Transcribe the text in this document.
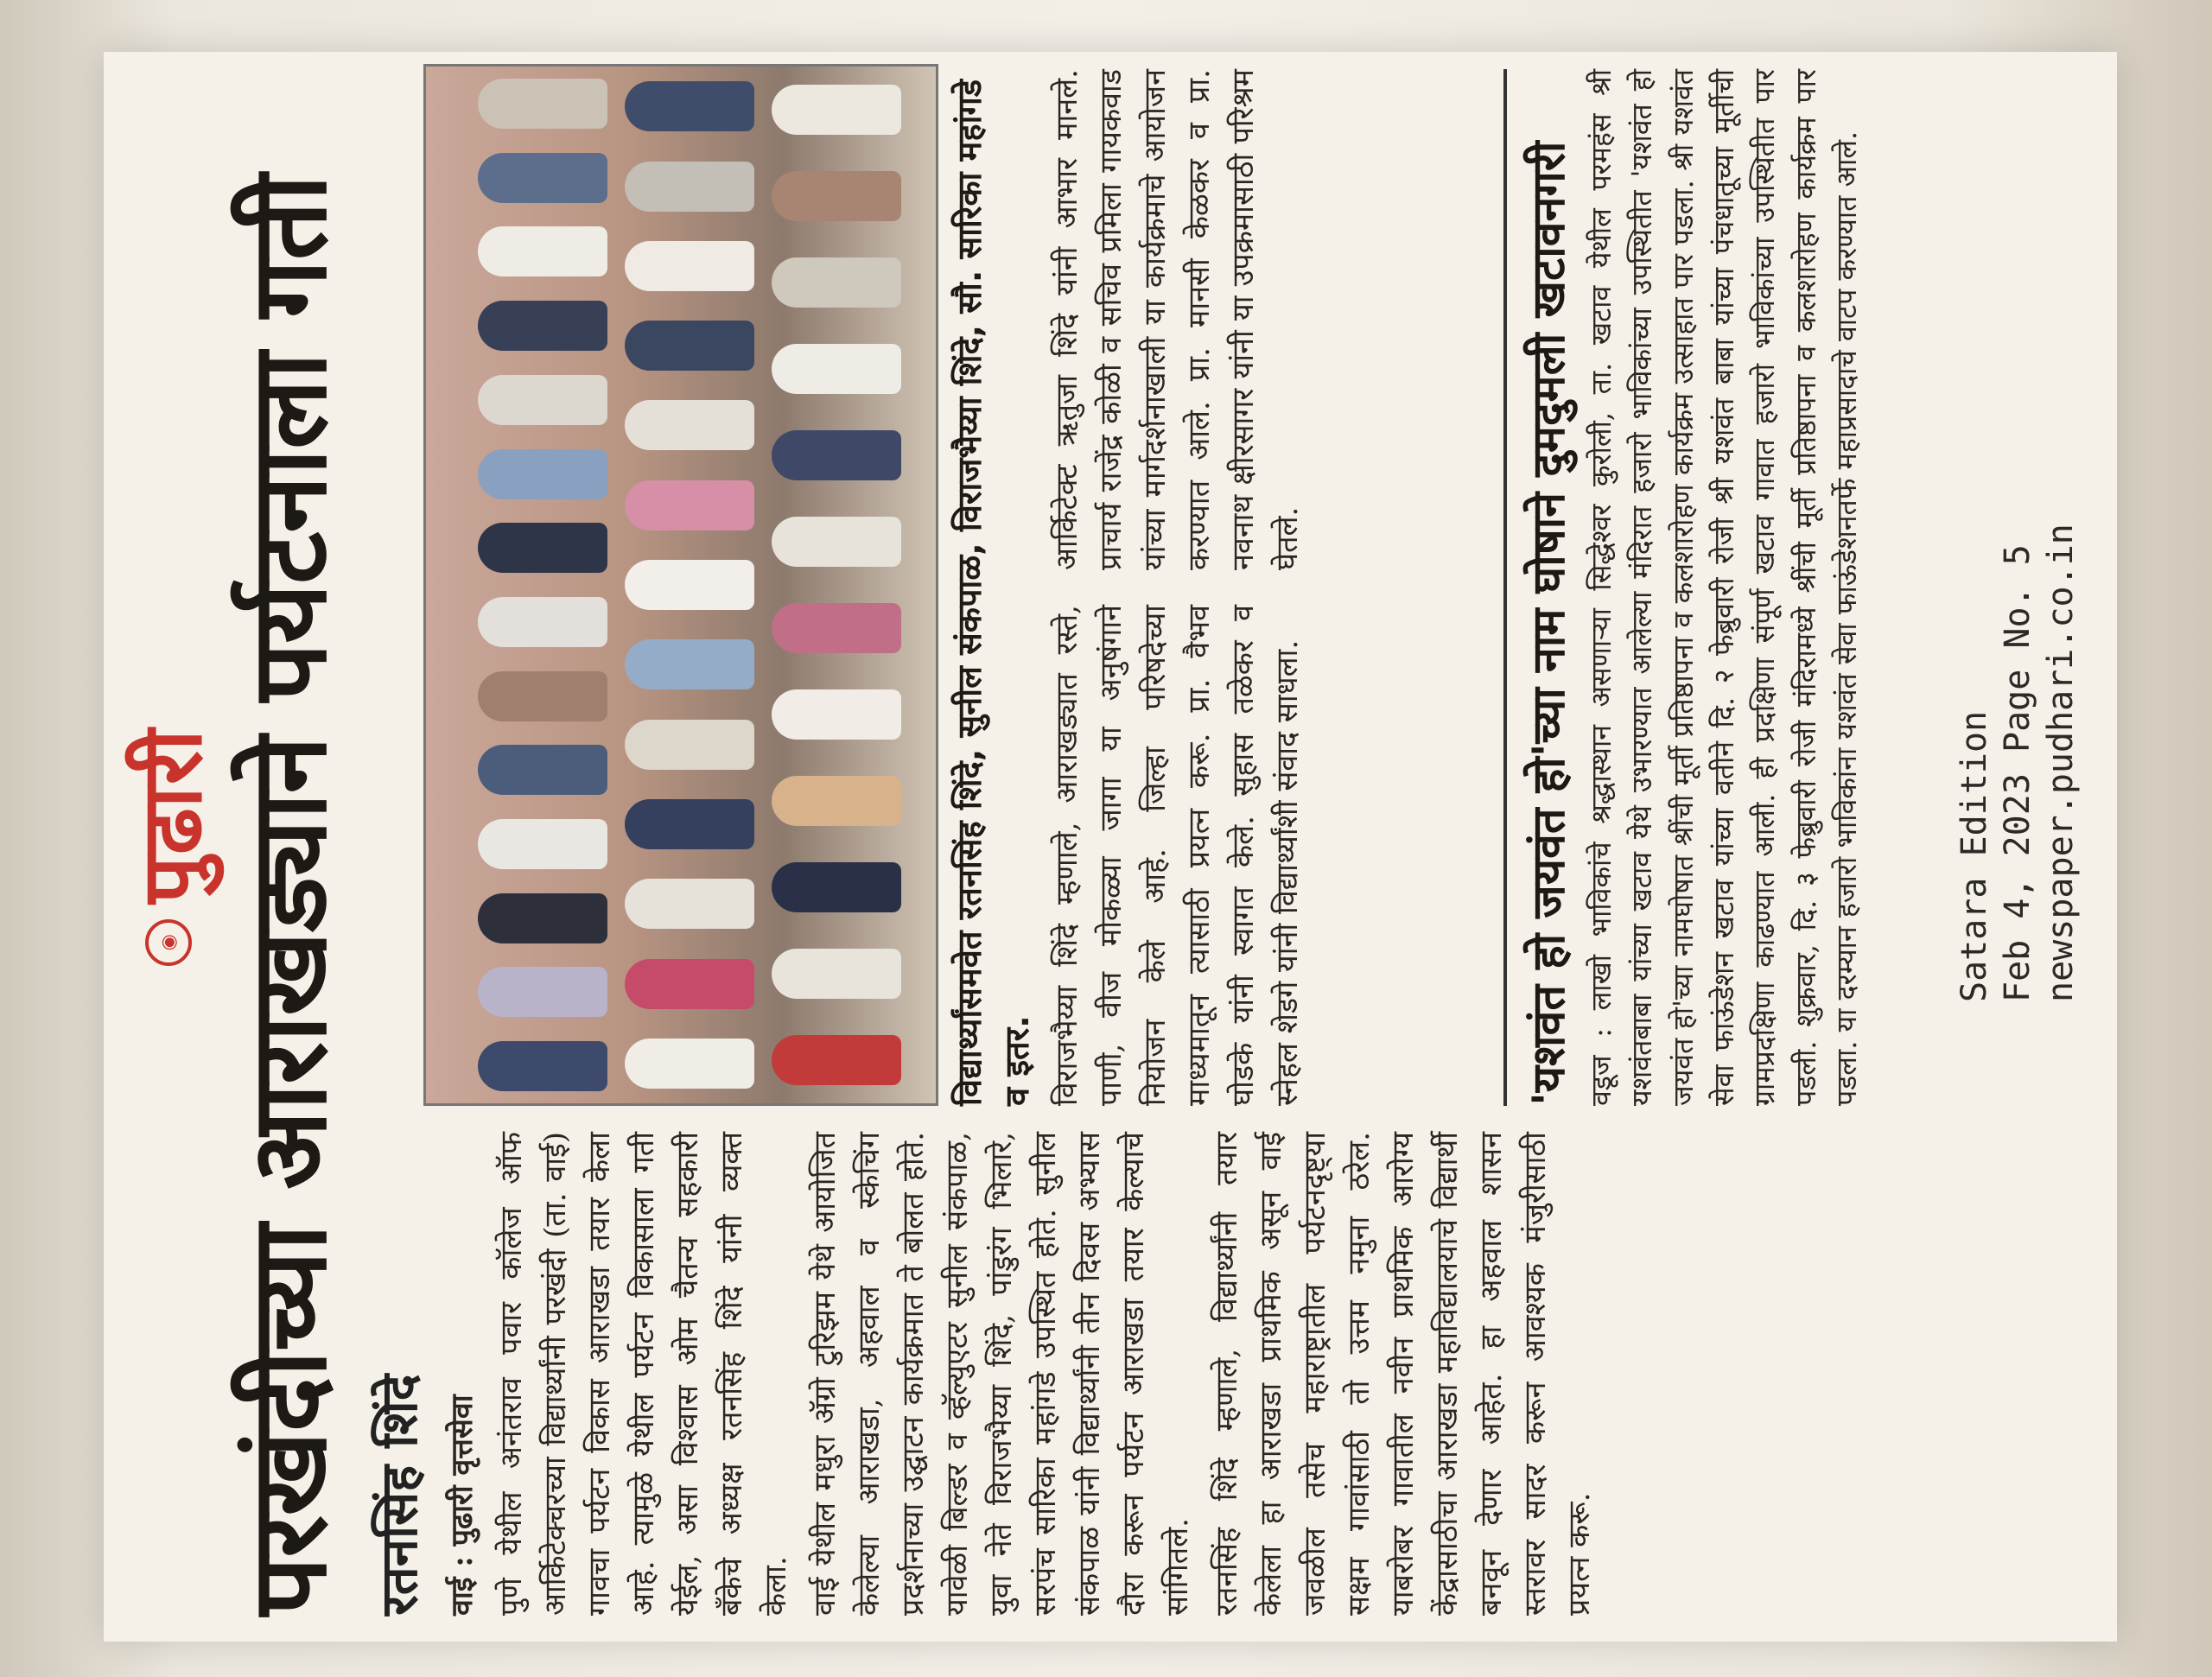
◉
पुढारी परखंदीच्या आराखड्याने पर्यटनाला गती रतनसिंह शिंदे वाई : पुढारी वृत्तसेवा पुणे येथील अनंतराव पवार कॉलेज ऑफ आर्किटेक्चरच्या विद्यार्थ्यांनी परखंदी (ता. वाई) गावचा पर्यटन विकास आराखडा तयार केला आहे. त्यामुळे येथील पर्यटन विकासाला गती येईल, असा विश्वास ओम चैतन्य सहकारी बँकेचे अध्यक्ष रतनसिंह शिंदे यांनी व्यक्त केला. वाई येथील मधुरा ॲग्रो टुरिझम येथे आयोजित केलेल्या आराखडा, अहवाल व स्केचिंग प्रदर्शनाच्या उद्घाटन कार्यक्रमात ते बोलत होते. यावेळी बिल्डर व व्हॅल्युएटर सुनील संकपाळ, युवा नेते विराजभैय्या शिंदे, पांडुरंग भिलारे, सरपंच सारिका महांगडे उपस्थित होते. सुनील संकपाळ यांनी विद्यार्थ्यांनी तीन दिवस अभ्यास दौरा करून पर्यटन आराखडा तयार केल्याचे सांगितले. रतनसिंह शिंदे म्हणाले, विद्यार्थ्यांनी तयार केलेला हा आराखडा प्राथमिक असून वाई जवळील तसेच महाराष्ट्रातील पर्यटनदृष्ट्या सक्षम गावांसाठी तो उत्तम नमुना ठरेल. याबरोबर गावातील नवीन प्राथमिक आरोग्य केंद्रासाठीचा आराखडा महाविद्यालयाचे विद्यार्थी बनवून देणार आहेत. हा अहवाल शासन स्तरावर सादर करून आवश्यक मंजुरीसाठी प्रयत्न करू.

विद्यार्थ्यांसमवेत रतनसिंह शिंदे, सुनील संकपाळ, विराजभैय्या शिंदे, सौ. सारिका महांगडे व इतर. विराजभैय्या शिंदे म्हणाले, आराखड्यात रस्ते, पाणी, वीज मोकळ्या जागा या अनुषंगाने नियोजन केले आहे. जिल्हा परिषदेच्या माध्यमातून त्यासाठी प्रयत्न करू. प्रा. वैभव घोडके यांनी स्वागत केले. सुहास तळेकर व स्नेहल शेडगे यांनी विद्यार्थ्यांशी संवाद साधला.

आर्किटेक्ट ऋतुजा शिंदे यांनी आभार मानले. प्राचार्य राजेंद्र कोळी व सचिव प्रमिला गायकवाड यांच्या मार्गदर्शनाखाली या कार्यक्रमाचे आयोजन करण्यात आले. प्रा. मानसी केळकर व प्रा. नवनाथ क्षीरसागर यांनी या उपक्रमासाठी परिश्रम घेतले.	'यशवंत हो जयवंत हो'च्या नाम घोषाने दुमदुमली खटावनगरी वडूज : लाखो भाविकांचे श्रद्धास्थान असणाऱ्या सिद्धेश्वर कुरोली, ता. खटाव येथील परमहंस श्री यशवंतबाबा यांच्या खटाव येथे उभारण्यात आलेल्या मंदिरात हजारो भाविकांच्या उपस्थितीत 'यशवंत हो जयवंत हो'च्या नामघोषात श्रींची मूर्ती प्रतिष्ठापना व कलशारोहण कार्यक्रम उत्साहात पार पडला. श्री यशवंत सेवा फाऊंडेशन खटाव यांच्या वतीने दि. २ फेब्रुवारी रोजी श्री यशवंत बाबा यांच्या पंचधातूच्या मूर्तीची ग्रामप्रदक्षिणा काढण्यात आली. ही प्रदक्षिणा संपूर्ण खटाव गावात हजारो भाविकांच्या उपस्थितीत पार पडली. शुक्रवार, दि. ३ फेब्रुवारी रोजी मंदिरामध्ये श्रींची मूर्ती प्रतिष्ठापना व कलशारोहण कार्यक्रम पार पडला. या दरम्यान हजारो भाविकांना यशवंत सेवा फाऊंडेशनतर्फे महाप्रसादाचे वाटप करण्यात आले.	Satara Edition Feb 4, 2023 Page No. 5 newspaper.pudhari.co.in
